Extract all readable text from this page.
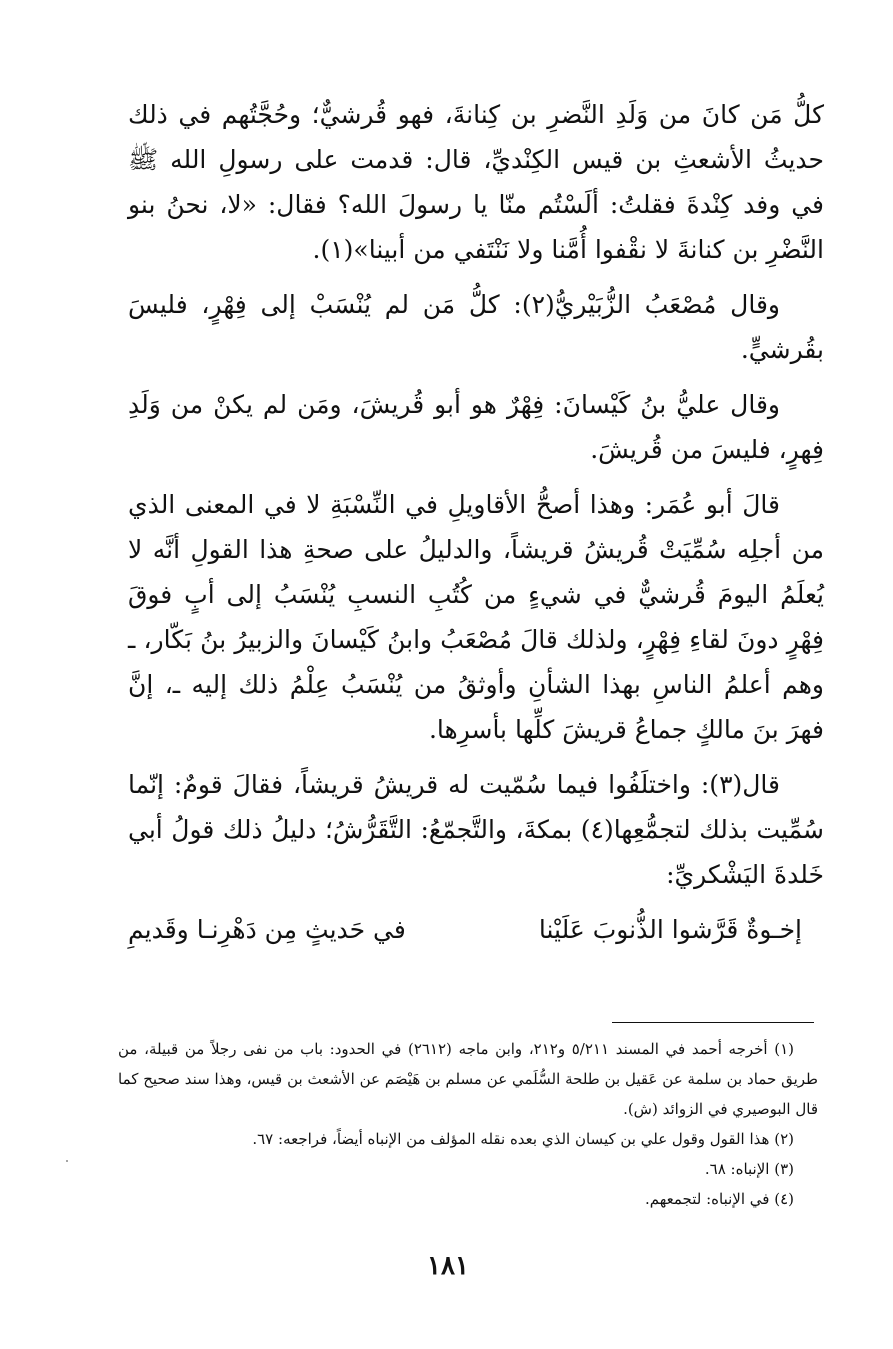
كلُّ مَن كانَ من وَلَدِ النَّضرِ بن كِنانةَ، فهو قُرشيٌّ؛ وحُجَّتُهم في ذلك حديثُ الأشعثِ بن قيس الكِنْديِّ، قال: قدمت على رسولِ الله ﷺ في وفد كِنْدةَ فقلتُ: ألَسْتُم منّا يا رسولَ الله؟ فقال: «لا، نحنُ بنو النَّضْرِ بن كنانةَ لا نقْفوا أُمَّنا ولا نَنْتَفي من أبينا»(١).

وقال مُصْعَبُ الزُّبَيْريُّ(٢): كلُّ مَن لم يُنْسَبْ إلى فِهْرٍ، فليسَ بقُرشيٍّ.

وقال عليُّ بنُ كَيْسانَ: فِهْرٌ هو أبو قُريشَ، ومَن لم يكنْ من وَلَدِ فِهرٍ، فليسَ من قُريشَ.

قالَ أبو عُمَر: وهذا أصحُّ الأقاويلِ في النِّسْبَةِ لا في المعنى الذي من أجلِه سُمِّيَتْ قُريشُ قريشاً، والدليلُ على صحةِ هذا القولِ أنَّه لا يُعلَمُ اليومَ قُرشيٌّ في شيءٍ من كُتُبِ النسبِ يُنْسَبُ إلى أبٍ فوقَ فِهْرٍ دونَ لقاءِ فِهْرٍ، ولذلك قالَ مُصْعَبُ وابنُ كَيْسانَ والزبيرُ بنُ بَكّار، ـ وهم أعلمُ الناسِ بهذا الشأنِ وأوثقُ من يُنْسَبُ عِلْمُ ذلك إليه ـ، إنَّ فهرَ بنَ مالكٍ جماعُ قريشَ كلِّها بأسرِها.

قال(٣): واختلَفُوا فيما سُمّيت له قريشُ قريشاً، فقالَ قومٌ: إنّما سُمِّيت بذلك لتجمُّعِها(٤) بمكةَ، والتَّجمّعُ: التَّقَرُّشُ؛ دليلُ ذلك قولُ أبي خَلدةَ اليَشْكريِّ:

إخـوةٌ قَرَّشوا الذُّنوبَ عَلَيْنا
في حَديثٍ مِن دَهْرِنـا وقَديمِ

(١) أخرجه أحمد في المسند ٥/٢١١ و٢١٢، وابن ماجه (٢٦١٢) في الحدود: باب من نفى رجلاً من قبيلة، من طريق حماد بن سلمة عن عَقيل بن طلحة السُّلَمي عن مسلم بن هَيْصَم عن الأشعث بن قيس، وهذا سند صحيح كما قال البوصيري في الزوائد (ش).

(٢) هذا القول وقول علي بن كيسان الذي بعده نقله المؤلف من الإنباه أيضاً، فراجعه: ٦٧.

(٣) الإنباه: ٦٨.

(٤) في الإنباه: لتجمعهم.

١٨١
